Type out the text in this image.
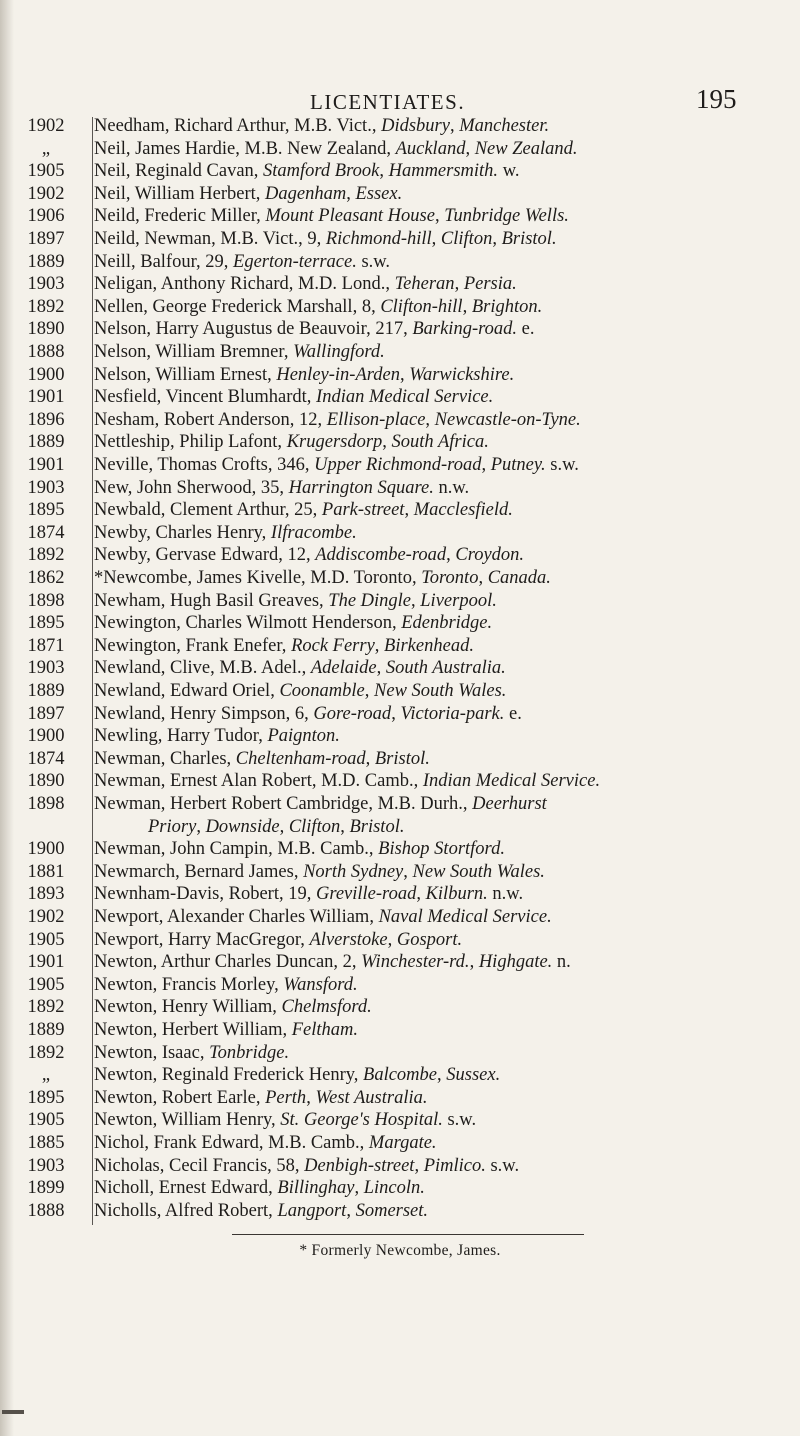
LICENTIATES.	195
1902	Needham, Richard Arthur, M.B. Vict., Didsbury, Manchester.
„	Neil, James Hardie, M.B. New Zealand, Auckland, New Zealand.
1905	Neil, Reginald Cavan, Stamford Brook, Hammersmith. w.
1902	Neil, William Herbert, Dagenham, Essex.
1906	Neild, Frederic Miller, Mount Pleasant House, Tunbridge Wells.
1897	Neild, Newman, M.B. Vict., 9, Richmond-hill, Clifton, Bristol.
1889	Neill, Balfour, 29, Egerton-terrace. s.w.
1903	Neligan, Anthony Richard, M.D. Lond., Teheran, Persia.
1892	Nellen, George Frederick Marshall, 8, Clifton-hill, Brighton.
1890	Nelson, Harry Augustus de Beauvoir, 217, Barking-road. e.
1888	Nelson, William Bremner, Wallingford.
1900	Nelson, William Ernest, Henley-in-Arden, Warwickshire.
1901	Nesfield, Vincent Blumhardt, Indian Medical Service.
1896	Nesham, Robert Anderson, 12, Ellison-place, Newcastle-on-Tyne.
1889	Nettleship, Philip Lafont, Krugersdorp, South Africa.
1901	Neville, Thomas Crofts, 346, Upper Richmond-road, Putney. s.w.
1903	New, John Sherwood, 35, Harrington Square. n.w.
1895	Newbald, Clement Arthur, 25, Park-street, Macclesfield.
1874	Newby, Charles Henry, Ilfracombe.
1892	Newby, Gervase Edward, 12, Addiscombe-road, Croydon.
1862	*Newcombe, James Kivelle, M.D. Toronto, Toronto, Canada.
1898	Newham, Hugh Basil Greaves, The Dingle, Liverpool.
1895	Newington, Charles Wilmott Henderson, Edenbridge.
1871	Newington, Frank Enefer, Rock Ferry, Birkenhead.
1903	Newland, Clive, M.B. Adel., Adelaide, South Australia.
1889	Newland, Edward Oriel, Coonamble, New South Wales.
1897	Newland, Henry Simpson, 6, Gore-road, Victoria-park. e.
1900	Newling, Harry Tudor, Paignton.
1874	Newman, Charles, Cheltenham-road, Bristol.
1890	Newman, Ernest Alan Robert, M.D. Camb., Indian Medical Service.
1898	Newman, Herbert Robert Cambridge, M.B. Durh., Deerhurst
Priory, Downside, Clifton, Bristol.
1900	Newman, John Campin, M.B. Camb., Bishop Stortford.
1881	Newmarch, Bernard James, North Sydney, New South Wales.
1893	Newnham-Davis, Robert, 19, Greville-road, Kilburn. n.w.
1902	Newport, Alexander Charles William, Naval Medical Service.
1905	Newport, Harry MacGregor, Alverstoke, Gosport.
1901	Newton, Arthur Charles Duncan, 2, Winchester-rd., Highgate. n.
1905	Newton, Francis Morley, Wansford.
1892	Newton, Henry William, Chelmsford.
1889	Newton, Herbert William, Feltham.
1892	Newton, Isaac, Tonbridge.
„	Newton, Reginald Frederick Henry, Balcombe, Sussex.
1895	Newton, Robert Earle, Perth, West Australia.
1905	Newton, William Henry, St. George's Hospital. s.w.
1885	Nichol, Frank Edward, M.B. Camb., Margate.
1903	Nicholas, Cecil Francis, 58, Denbigh-street, Pimlico. s.w.
1899	Nicholl, Ernest Edward, Billinghay, Lincoln.
1888	Nicholls, Alfred Robert, Langport, Somerset.
* Formerly Newcombe, James.
